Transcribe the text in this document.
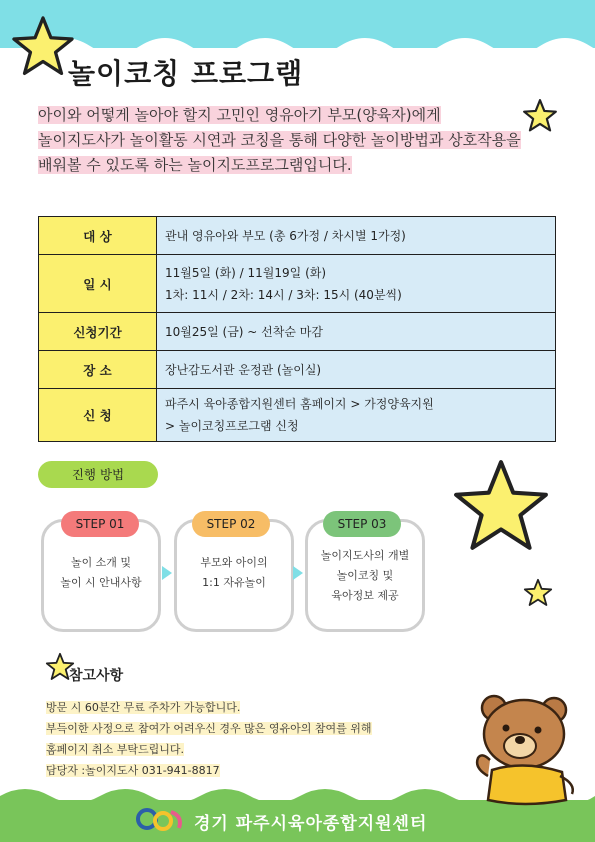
놀이코칭 프로그램
아이와 어떻게 놀아야 할지 고민인 영유아기 부모(양육자)에게
놀이지도사가 놀이활동 시연과 코칭을 통해 다양한 놀이방법과 상호작용을
배워볼 수 있도록 하는 놀이지도프로그램입니다.
대 상	관내 영유아와 부모 (총 6가정 / 차시별 1가정)

일 시	11월5일 (화) / 11월19일 (화)
1차: 11시 / 2차: 14시 / 3차: 15시 (40분씩)

신청기간	10월25일 (금) ~ 선착순 마감

장 소	장난감도서관 운정관 (놀이실)

신 청	파주시 육아종합지원센터 홈페이지 > 가정양육지원
> 놀이코칭프로그램 신청
진행 방법
STEP 01
놀이 소개 및
놀이 시 안내사항
STEP 02
부모와 아이의
1:1 자유놀이
STEP 03
놀이지도사의 개별
놀이코칭 및
육아정보 제공
참고사항
방문 시 60분간 무료 주차가 가능합니다.
부득이한 사정으로 참여가 어려우신 경우 많은 영유아의 참여를 위해
홈페이지 취소 부탁드립니다.
담당자 :놀이지도사 031-941-8817
경기 파주시육아종합지원센터
